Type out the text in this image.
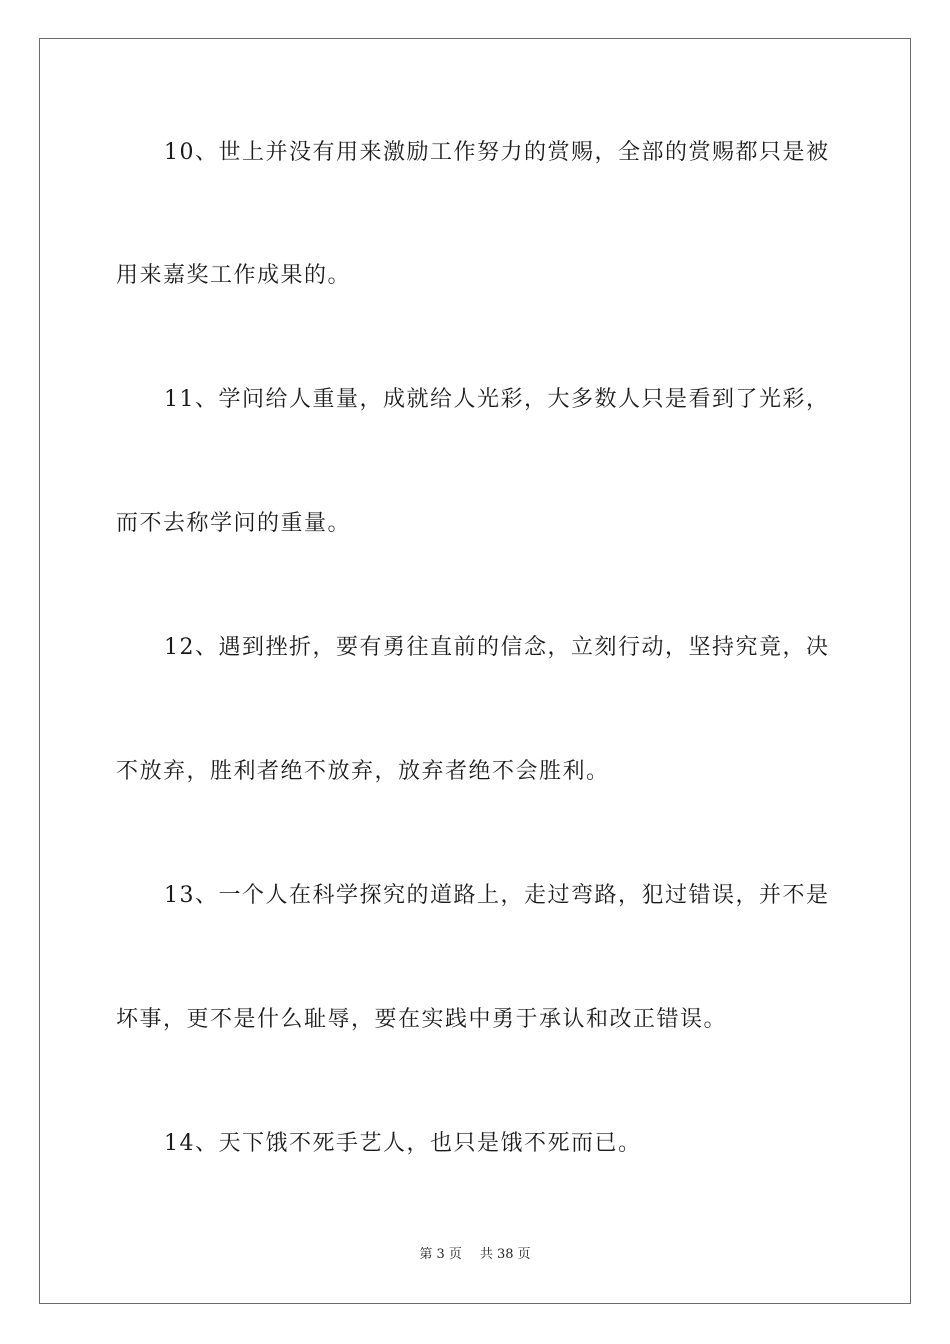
10、世上并没有用来激励工作努力的赏赐，全部的赏赐都只是被
用来嘉奖工作成果的。
11、学问给人重量，成就给人光彩，大多数人只是看到了光彩，
而不去称学问的重量。
12、遇到挫折，要有勇往直前的信念，立刻行动，坚持究竟，决
不放弃，胜利者绝不放弃，放弃者绝不会胜利。
13、一个人在科学探究的道路上，走过弯路，犯过错误，并不是
坏事，更不是什么耻辱，要在实践中勇于承认和改正错误。
14、天下饿不死手艺人，也只是饿不死而已。
第 3 页 共 38 页
